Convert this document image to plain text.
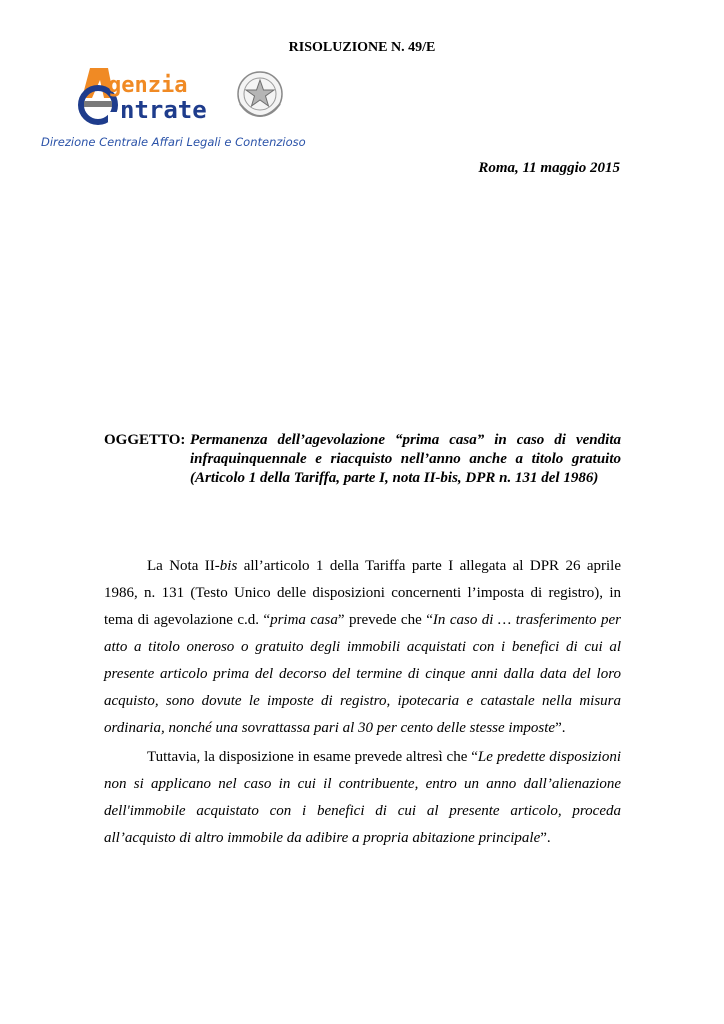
RISOLUZIONE N. 49/E
genzia
ntrate
Direzione Centrale Affari Legali e Contenzioso
Roma, 11 maggio 2015
OGGETTO: Permanenza dell’agevolazione “prima casa” in caso di vendita infraquinquennale e riacquisto nell’anno anche a titolo gratuito (Articolo 1 della Tariffa, parte I, nota II-bis, DPR n. 131 del 1986)

La Nota II-bis all’articolo 1 della Tariffa parte I allegata al DPR 26 aprile 1986, n. 131 (Testo Unico delle disposizioni concernenti l’imposta di registro), in tema di agevolazione c.d. “prima casa” prevede che “In caso di … trasferimento per atto a titolo oneroso o gratuito degli immobili acquistati con i benefici di cui al presente articolo prima del decorso del termine di cinque anni dalla data del loro acquisto, sono dovute le imposte di registro, ipotecaria e catastale nella misura ordinaria, nonché una sovrattassa pari al 30 per cento delle stesse imposte”.

Tuttavia, la disposizione in esame prevede altresì che “Le predette disposizioni non si applicano nel caso in cui il contribuente, entro un anno dall’alienazione dell'immobile acquistato con i benefici di cui al presente articolo, proceda all’acquisto di altro immobile da adibire a propria abitazione principale”.
